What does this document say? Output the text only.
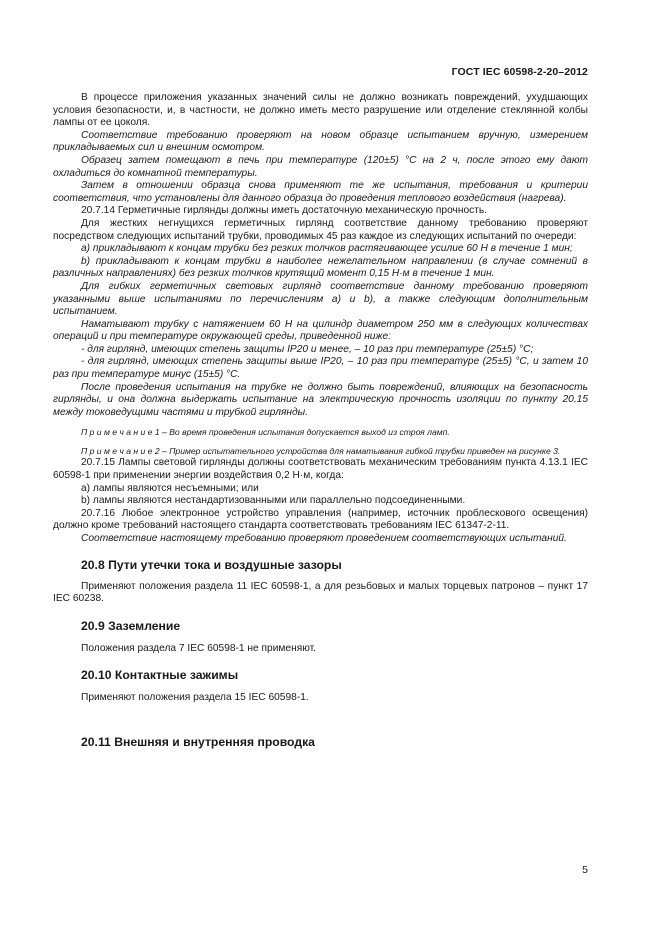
ГОСТ IEC 60598-2-20–2012

В процессе приложения указанных значений силы не должно возникать повреждений, ухудшающих условия безопасности, и, в частности, не должно иметь место разрушение или отделение стеклянной колбы лампы от ее цоколя.

Соответствие требованию проверяют на новом образце испытанием вручную, измерением прикладываемых сил и внешним осмотром.

Образец затем помещают в печь при температуре (120±5) °С на 2 ч, после этого ему дают охладиться до комнатной температуры.

Затем в отношении образца снова применяют те же испытания, требования и критерии соответствия, что установлены для данного образца до проведения теплового воздействия (нагрева).

20.7.14 Герметичные гирлянды должны иметь достаточную механическую прочность.

Для жестких негнущихся герметичных гирлянд соответствие данному требованию проверяют посредством следующих испытаний трубки, проводимых 45 раз каждое из следующих испытаний по очереди:

а) прикладывают к концам трубки без резких толчков растягивающее усилие 60 Н в течение 1 мин;

b) прикладывают к концам трубки в наиболее нежелательном направлении (в случае сомнений в различных направлениях) без резких толчков крутящий момент 0,15 Н·м в течение 1 мин.

Для гибких герметичных световых гирлянд соответствие данному требованию проверяют указанными выше испытаниями по перечислениям а) и b), а также следующим дополнительным испытанием.

Наматывают трубку с натяжением 60 Н на цилиндр диаметром 250 мм в следующих количествах операций и при температуре окружающей среды, приведенной ниже:

- для гирлянд, имеющих степень защиты IP20 и менее, – 10 раз при температуре (25±5) °С;

- для гирлянд, имеющих степень защиты выше IP20, – 10 раз при температуре (25±5) °С, и затем 10 раз при температуре минус (15±5) °С.

После проведения испытания на трубке не должно быть повреждений, влияющих на безопасность гирлянды, и она должна выдержать испытание на электрическую прочность изоляции по пункту 20.15 между токоведущими частями и трубкой гирлянды.

П р и м е ч а н и е 1 – Во время проведения испытания допускается выход из строя ламп.

П р и м е ч а н и е 2 – Пример испытательного устройства для наматывания гибкой трубки приведен на рисунке 3.

20.7.15 Лампы световой гирлянды должны соответствовать механическим требованиям пункта 4.13.1 IEC 60598-1 при применении энергии воздействия 0,2 Н·м, когда:

а) лампы являются несъемными; или

b) лампы являются нестандартизованными или параллельно подсоединенными.

20.7.16 Любое электронное устройство управления (например, источник проблескового освещения) должно кроме требований настоящего стандарта соответствовать требованиям IEC 61347-2-11.

Соответствие настоящему требованию проверяют проведением соответствующих испытаний.

20.8 Пути утечки тока и воздушные зазоры

Применяют положения раздела 11 IEC 60598-1, а для резьбовых и малых торцевых патронов – пункт 17 IEC 60238.

20.9 Заземление

Положения раздела 7 IEC 60598-1 не применяют.

20.10 Контактные зажимы

Применяют положения раздела 15 IEC 60598-1.

20.11 Внешняя и внутренняя проводка
5
